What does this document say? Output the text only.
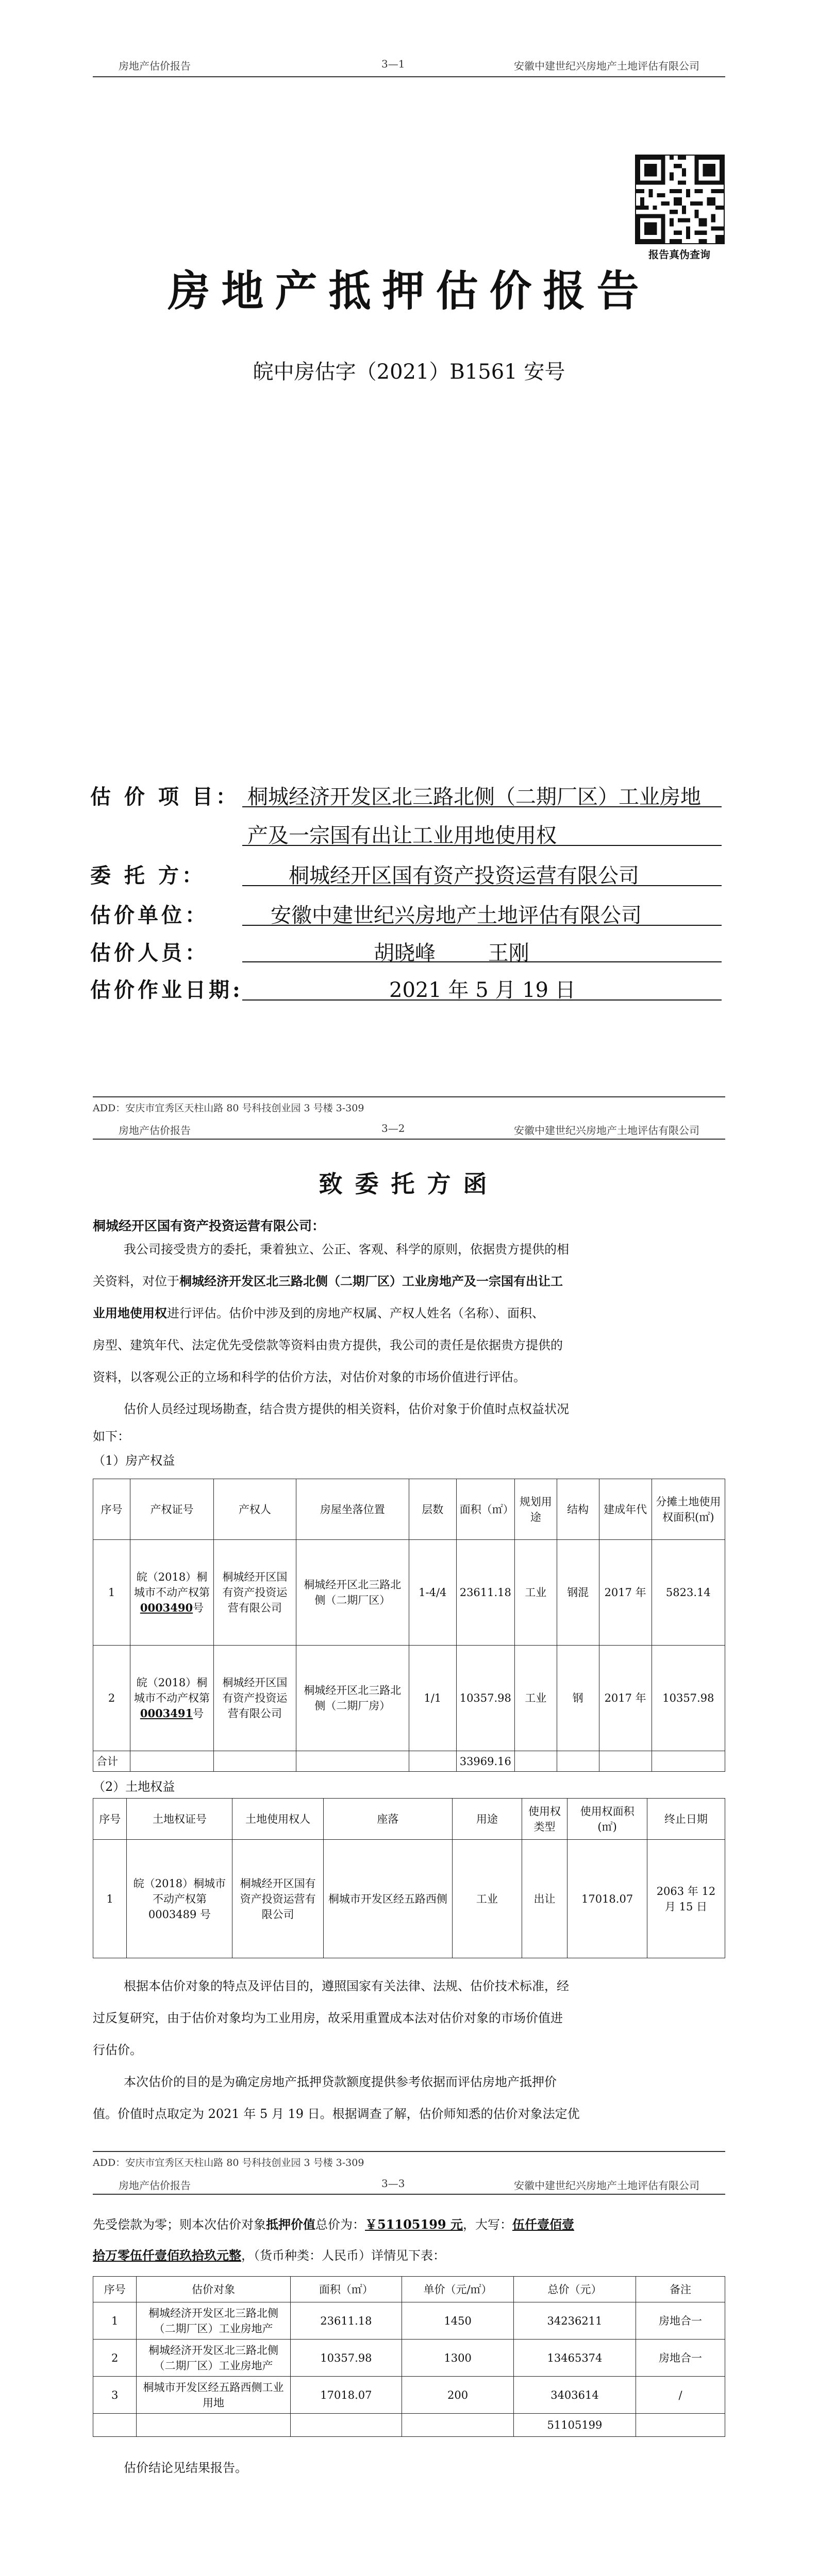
房地产估价报告	3—1	安徽中建世纪兴房地产土地评估有限公司
报告真伪查询
房地产抵押估价报告
皖中房估字（2021）B1561 安号
估 价 项 目： 桐城经济开发区北三路北侧（二期厂区）工业房地
产及一宗国有出让工业用地使用权
委 托 方：	桐城经开区国有资产投资运营有限公司
估价单位：	安徽中建世纪兴房地产土地评估有限公司
估价人员：	胡晓峰        王刚
估价作业日期:	2021 年 5 月 19 日
ADD：安庆市宜秀区天柱山路 80 号科技创业园 3 号楼 3-309
房地产估价报告	3—2	安徽中建世纪兴房地产土地评估有限公司
致委托方函
桐城经开区国有资产投资运营有限公司：
我公司接受贵方的委托，秉着独立、公正、客观、科学的原则，依据贵方提供的相
关资料，对位于桐城经济开发区北三路北侧（二期厂区）工业房地产及一宗国有出让工
业用地使用权进行评估。估价中涉及到的房地产权属、产权人姓名（名称）、面积、
房型、建筑年代、法定优先受偿款等资料由贵方提供，我公司的责任是依据贵方提供的
资料，以客观公正的立场和科学的估价方法，对估价对象的市场价值进行评估。
估价人员经过现场勘查，结合贵方提供的相关资料，估价对象于价值时点权益状况
如下：
（1）房产权益
序号	产权证号	产权人	房屋坐落位置	层数	面积（㎡）	规划用途	结构	建成年代	分摊土地使用权面积(㎡)
1	皖（2018）桐城市不动产权第
0003490号	桐城经开区国有资产投资运营有限公司	桐城经开区北三路北侧（二期厂区）	1-4/4	23611.18	工业	钢混	2017 年	5823.14
2	皖（2018）桐城市不动产权第
0003491号	桐城经开区国有资产投资运营有限公司	桐城经开区北三路北侧（二期厂房）	1/1	10357.98	工业	钢	2017 年	10357.98
合计					33969.16				
（2）土地权益
序号	土地权证号	土地使用权人	座落	用途	使用权类型	使用权面积(㎡)	终止日期
1	皖（2018）桐城市不动产权第 0003489 号	桐城经开区国有资产投资运营有限公司	桐城市开发区经五路西侧	工业	出让	17018.07	2063 年 12 月 15 日
根据本估价对象的特点及评估目的，遵照国家有关法律、法规、估价技术标准，经
过反复研究，由于估价对象均为工业用房，故采用重置成本法对估价对象的市场价值进
行估价。
本次估价的目的是为确定房地产抵押贷款额度提供参考依据而评估房地产抵押价
值。价值时点取定为 2021 年 5 月 19 日。根据调查了解，估价师知悉的估价对象法定优
ADD：安庆市宜秀区天柱山路 80 号科技创业园 3 号楼 3-309
房地产估价报告	3—3	安徽中建世纪兴房地产土地评估有限公司
先受偿款为零；则本次估价对象抵押价值总价为：￥51105199 元，大写：伍仟壹佰壹
拾万零伍仟壹佰玖拾玖元整，（货币种类：人民币）详情见下表：
序号	估价对象	面积（㎡）	单价（元/㎡）	总价（元）	备注
1	桐城经济开发区北三路北侧（二期厂区）工业房地产	23611.18	1450	34236211	房地合一
2	桐城经济开发区北三路北侧（二期厂区）工业房地产	10357.98	1300	13465374	房地合一
3	桐城市开发区经五路西侧工业用地	17018.07	200	3403614	/
				51105199	
估价结论见结果报告。
